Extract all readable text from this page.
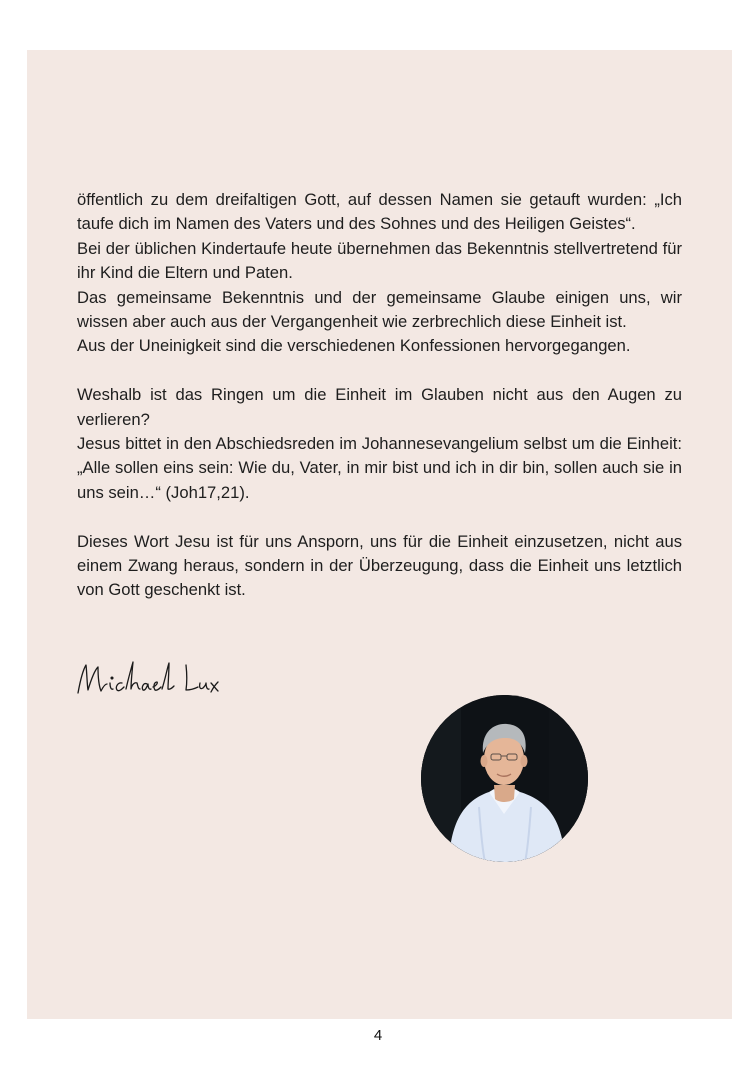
öffentlich zu dem dreifaltigen Gott, auf dessen Namen sie getauft wurden: „Ich taufe dich im Namen des Vaters und des Sohnes und des Heiligen Geistes“.

Bei der üblichen Kindertaufe heute übernehmen das Bekenntnis stellvertretend für ihr Kind die Eltern und Paten.

Das gemeinsame Bekenntnis und der gemeinsame Glaube einigen uns, wir wissen aber auch aus der Vergangenheit wie zerbrechlich diese Einheit ist.

Aus der Uneinigkeit sind die verschiedenen Konfessionen hervorgegangen.

Weshalb ist das Ringen um die Einheit im Glauben nicht aus den Augen zu verlieren?

Jesus bittet in den Abschiedsreden im Johannesevangelium selbst um die Einheit: „Alle sollen eins sein: Wie du, Vater, in mir bist und ich in dir bin, sollen auch sie in uns sein…“ (Joh17,21).

Dieses Wort Jesu ist für uns Ansporn, uns für die Einheit einzusetzen, nicht aus einem Zwang heraus, sondern in der Überzeugung, dass die Einheit uns letztlich von Gott geschenkt ist.

4
